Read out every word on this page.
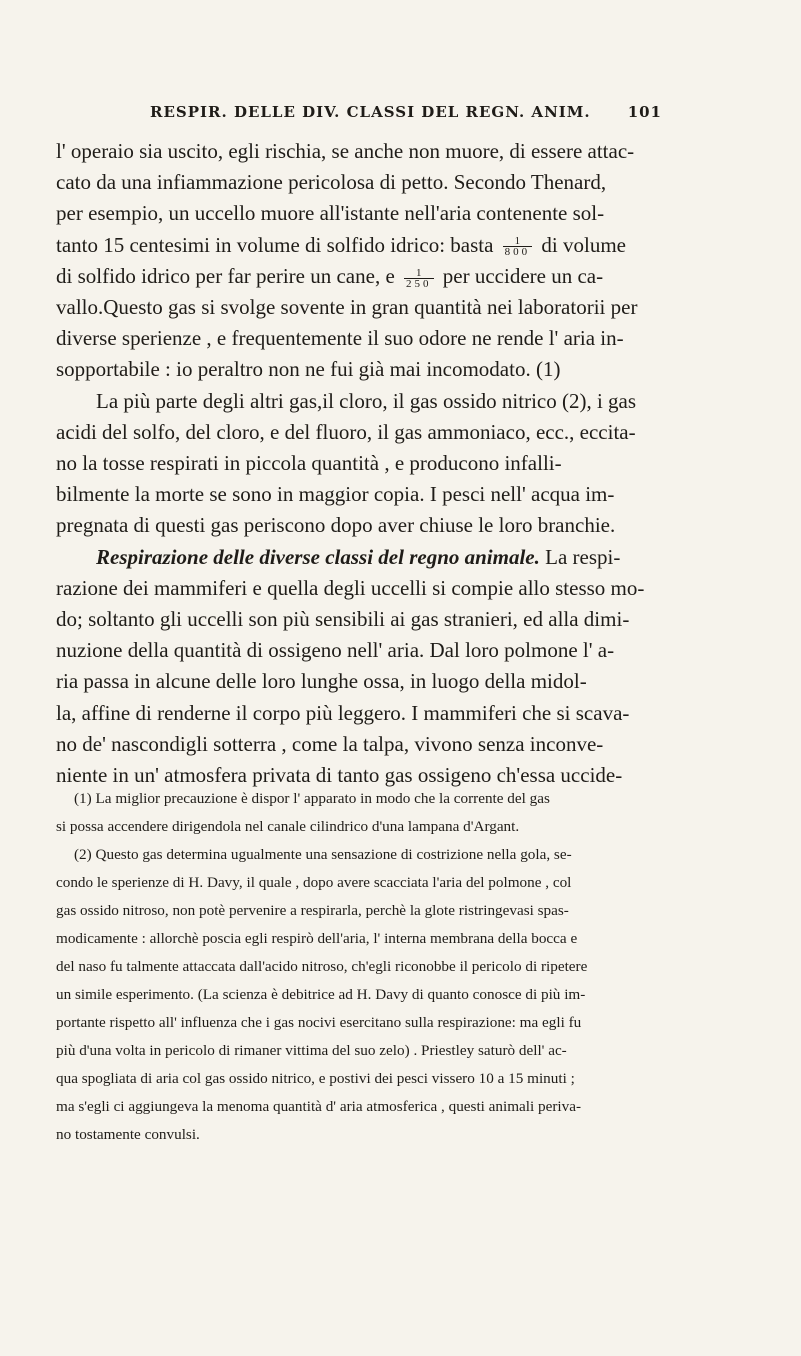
RESPIR. DELLE DIV. CLASSI DEL REGN. ANIM. 101
l' operaio sia uscito, egli rischia, se anche non muore, di essere attac-
cato da una infiammazione pericolosa di petto. Secondo Thenard,
per esempio, un uccello muore all'istante nell'aria contenente sol-
tanto 15 centesimi in volume di solfido idrico: basta $\frac{1}{800}$ di volume
di solfido idrico per far perire un cane, e $\frac{1}{250}$ per uccidere un ca-
vallo.Questo gas si svolge sovente in gran quantità nei laboratorii per
diverse sperienze , e frequentemente il suo odore ne rende l' aria in-
sopportabile : io peraltro non ne fui già mai incomodato. (1)
La più parte degli altri gas,il cloro, il gas ossido nitrico (2), i gas
acidi del solfo, del cloro, e del fluoro, il gas ammoniaco, ecc., eccita-
no la tosse respirati in piccola quantità , e producono infalli-
bilmente la morte se sono in maggior copia. I pesci nell' acqua im-
pregnata di questi gas periscono dopo aver chiuse le loro branchie.
Respirazione delle diverse classi del regno animale. La respi-
razione dei mammiferi e quella degli uccelli si compie allo stesso mo-
do; soltanto gli uccelli son più sensibili ai gas stranieri, ed alla dimi-
nuzione della quantità di ossigeno nell' aria. Dal loro polmone l' a-
ria passa in alcune delle loro lunghe ossa, in luogo della midol-
la, affine di renderne il corpo più leggero. I mammiferi che si scava-
no de' nascondigli sotterra , come la talpa, vivono senza inconve-
niente in un' atmosfera privata di tanto gas ossigeno ch'essa uccide-
(1) La miglior precauzione è dispor l' apparato in modo che la corrente del gas
si possa accendere dirigendola nel canale cilindrico d'una lampana d'Argant.
(2) Questo gas determina ugualmente una sensazione di costrizione nella gola, se-
condo le sperienze di H. Davy, il quale , dopo avere scacciata l'aria del polmone , col
gas ossido nitroso, non potè pervenire a respirarla, perchè la glote ristringevasi spas-
modicamente : allorchè poscia egli respirò dell'aria, l' interna membrana della bocca e
del naso fu talmente attaccata dall'acido nitroso, ch'egli riconobbe il pericolo di ripetere
un simile esperimento. (La scienza è debitrice ad H. Davy di quanto conosce di più im-
portante rispetto all' influenza che i gas nocivi esercitano sulla respirazione: ma egli fu
più d'una volta in pericolo di rimaner vittima del suo zelo) . Priestley saturò dell' ac-
qua spogliata di aria col gas ossido nitrico, e postivi dei pesci vissero 10 a 15 minuti ;
ma s'egli ci aggiungeva la menoma quantità d' aria atmosferica , questi animali periva-
no tostamente convulsi.
